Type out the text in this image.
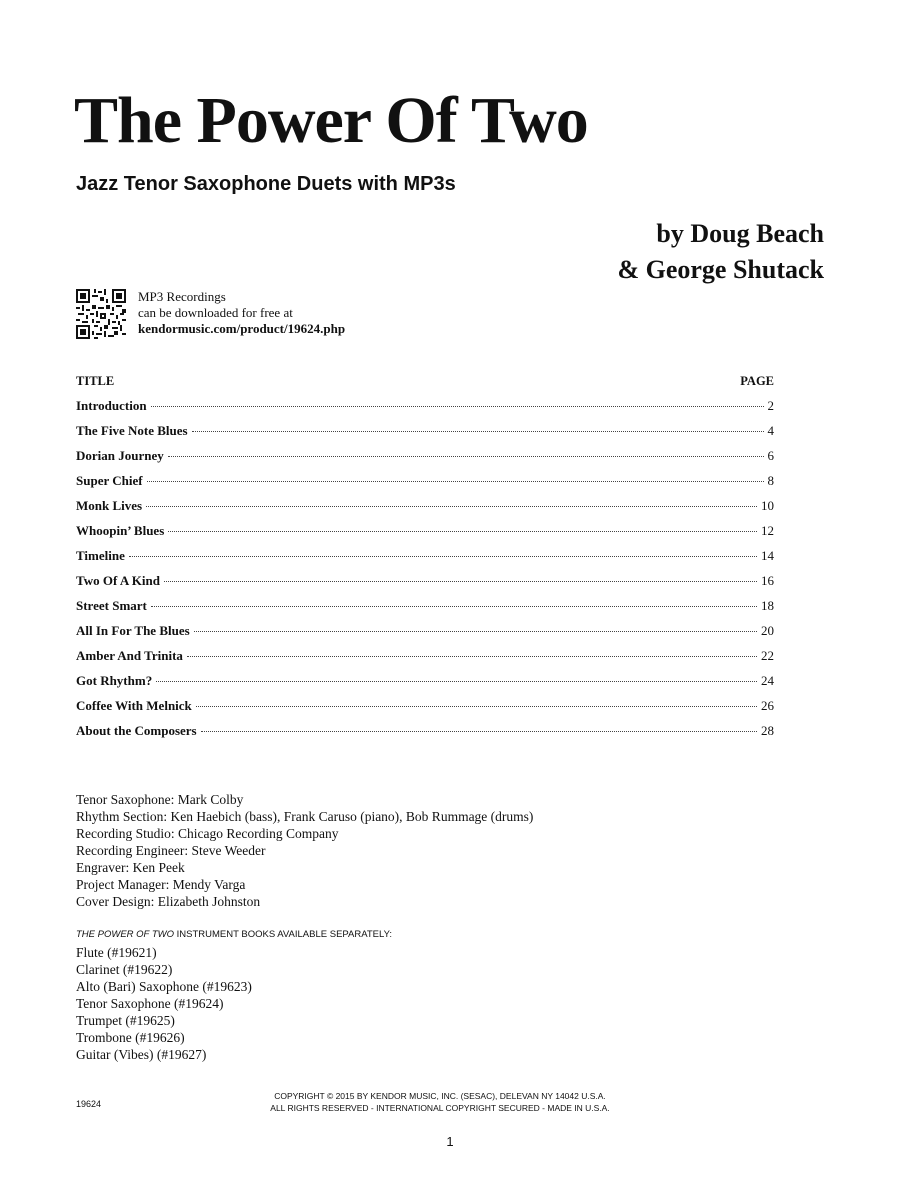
The Power Of Two
Jazz Tenor Saxophone Duets with MP3s
by Doug Beach
& George Shutack
MP3 Recordings
can be downloaded for free at
kendormusic.com/product/19624.php
TITLE	PAGE
Introduction	2
The Five Note Blues	4
Dorian Journey	6
Super Chief	8
Monk Lives	10
Whoopin’ Blues	12
Timeline	14
Two Of A Kind	16
Street Smart	18
All In For The Blues	20
Amber And Trinita	22
Got Rhythm?	24
Coffee With Melnick	26
About the Composers	28
Tenor Saxophone: Mark Colby
Rhythm Section: Ken Haebich (bass), Frank Caruso (piano), Bob Rummage (drums)
Recording Studio: Chicago Recording Company
Recording Engineer: Steve Weeder
Engraver: Ken Peek
Project Manager: Mendy Varga
Cover Design: Elizabeth Johnston
THE POWER OF TWO INSTRUMENT BOOKS AVAILABLE SEPARATELY:
Flute (#19621)
Clarinet (#19622)
Alto (Bari) Saxophone (#19623)
Tenor Saxophone (#19624)
Trumpet (#19625)
Trombone (#19626)
Guitar (Vibes) (#19627)
19624
COPYRIGHT © 2015 BY KENDOR MUSIC, INC. (SESAC), DELEVAN NY 14042 U.S.A.
ALL RIGHTS RESERVED - INTERNATIONAL COPYRIGHT SECURED - MADE IN U.S.A.
1
